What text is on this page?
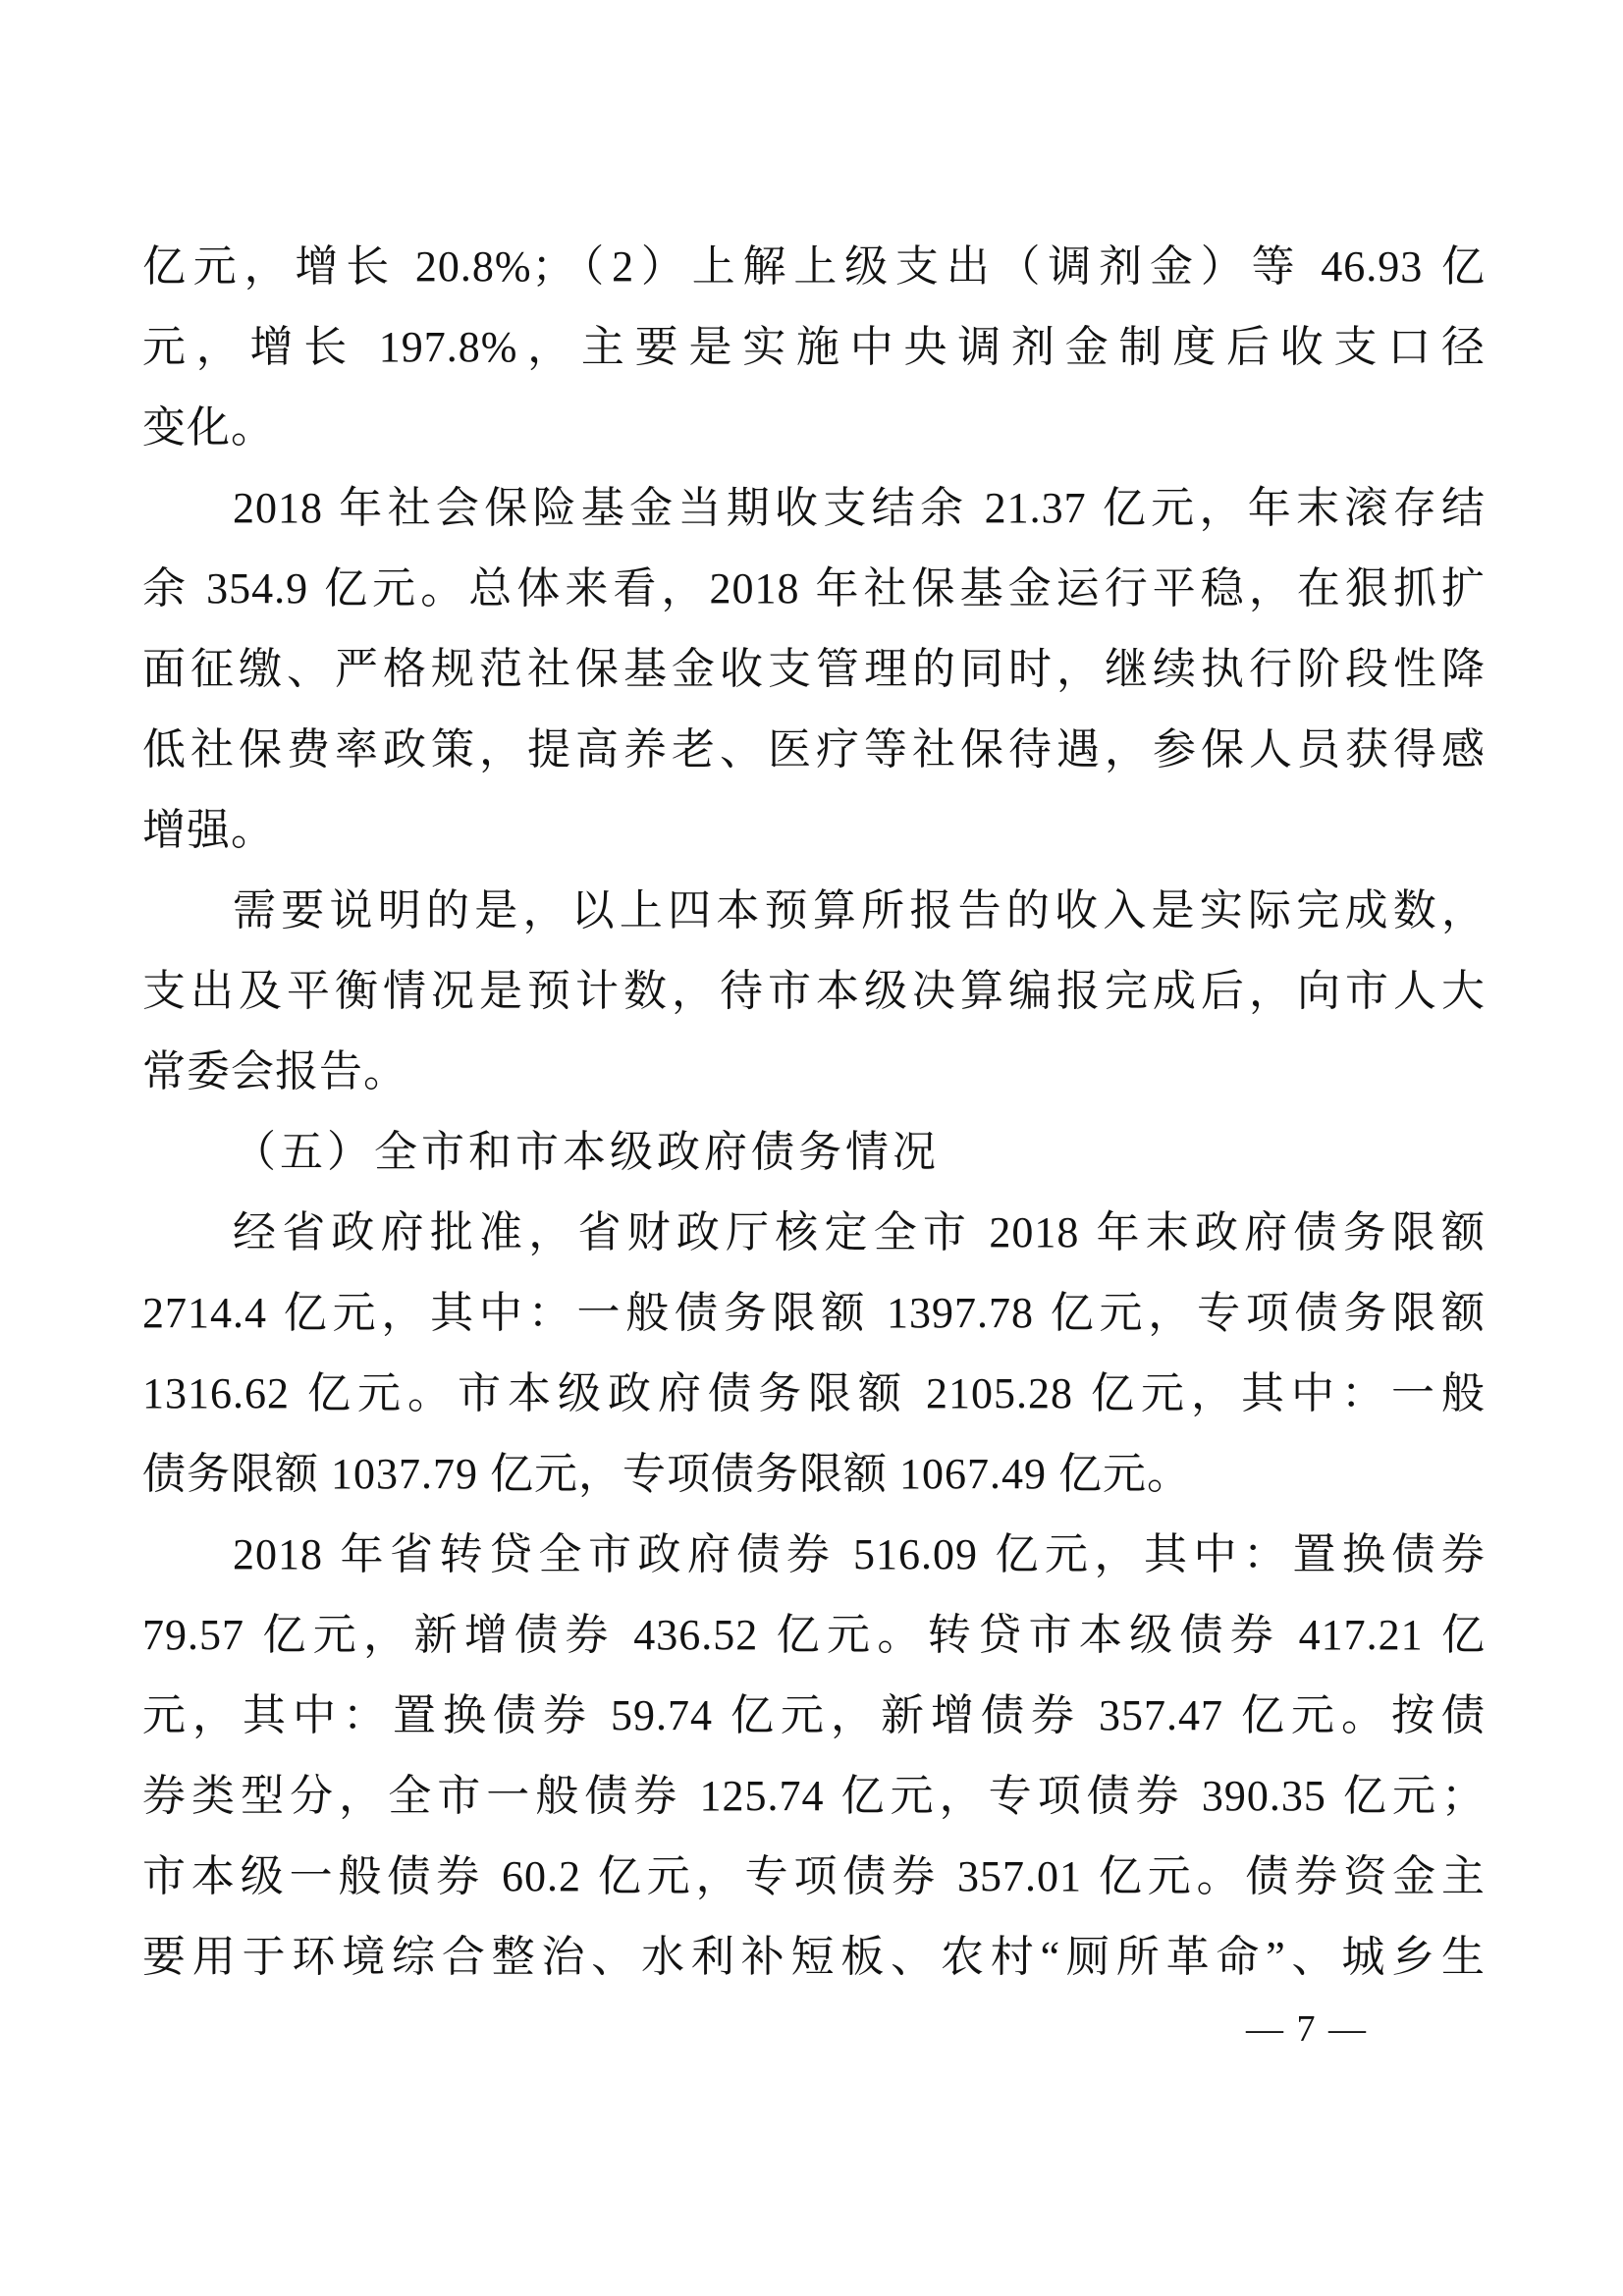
亿元，增长 20.8%；（2）上解上级支出（调剂金）等 46.93 亿
元，增长 197.8%，主要是实施中央调剂金制度后收支口径
变化。
2018 年社会保险基金当期收支结余 21.37 亿元，年末滚存结
余 354.9 亿元。总体来看，2018 年社保基金运行平稳，在狠抓扩
面征缴、严格规范社保基金收支管理的同时，继续执行阶段性降
低社保费率政策，提高养老、医疗等社保待遇，参保人员获得感
增强。
需要说明的是，以上四本预算所报告的收入是实际完成数，
支出及平衡情况是预计数，待市本级决算编报完成后，向市人大
常委会报告。
（五）全市和市本级政府债务情况
经省政府批准，省财政厅核定全市 2018 年末政府债务限额
2714.4 亿元，其中：一般债务限额 1397.78 亿元，专项债务限额
1316.62 亿元。市本级政府债务限额 2105.28 亿元，其中：一般
债务限额 1037.79 亿元，专项债务限额 1067.49 亿元。
2018 年省转贷全市政府债券 516.09 亿元，其中：置换债券
79.57 亿元，新增债券 436.52 亿元。转贷市本级债券 417.21 亿
元，其中：置换债券 59.74 亿元，新增债券 357.47 亿元。按债
券类型分，全市一般债券 125.74 亿元，专项债券 390.35 亿元；
市本级一般债券 60.2 亿元，专项债券 357.01 亿元。债券资金主
要用于环境综合整治、水利补短板、农村“厕所革命”、城乡生
— 7 —
